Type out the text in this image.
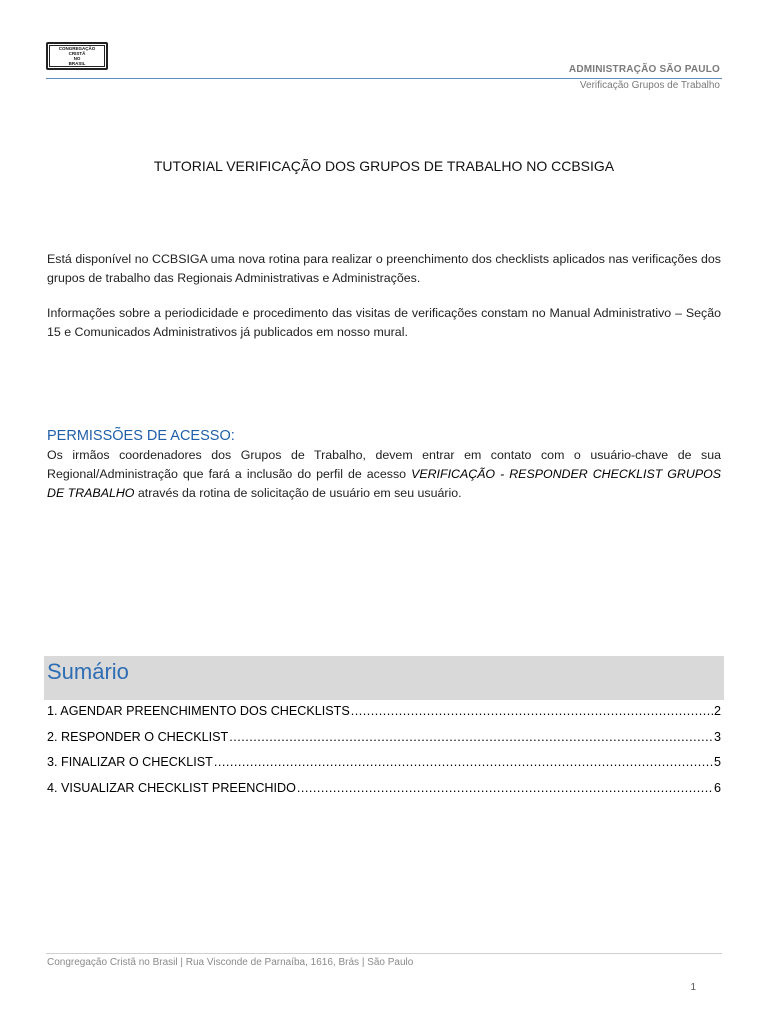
CONGREGAÇÃO CRISTÃ
NO
BRASIL
ADMINISTRAÇÃO SÃO PAULO
Verificação Grupos de Trabalho
TUTORIAL VERIFICAÇÃO DOS GRUPOS DE TRABALHO NO CCBSIGA
Está disponível no CCBSIGA uma nova rotina para realizar o preenchimento dos checklists aplicados nas verificações dos grupos de trabalho das Regionais Administrativas e Administrações.
Informações sobre a periodicidade e procedimento das visitas de verificações constam no Manual Administrativo – Seção 15 e Comunicados Administrativos já publicados em nosso mural.
PERMISSÕES DE ACESSO:
Os irmãos coordenadores dos Grupos de Trabalho, devem entrar em contato com o usuário-chave de sua Regional/Administração que fará a inclusão do perfil de acesso VERIFICAÇÃO - RESPONDER CHECKLIST GRUPOS DE TRABALHO através da rotina de solicitação de usuário em seu usuário.
Sumário
1. AGENDAR PREENCHIMENTO DOS CHECKLISTS .....	2
2. RESPONDER O CHECKLIST .....	3
3. FINALIZAR O CHECKLIST .....	5
4. VISUALIZAR CHECKLIST PREENCHIDO .....	6
Congregação Cristã no Brasil | Rua Visconde de Parnaíba, 1616, Brás | São Paulo
1
